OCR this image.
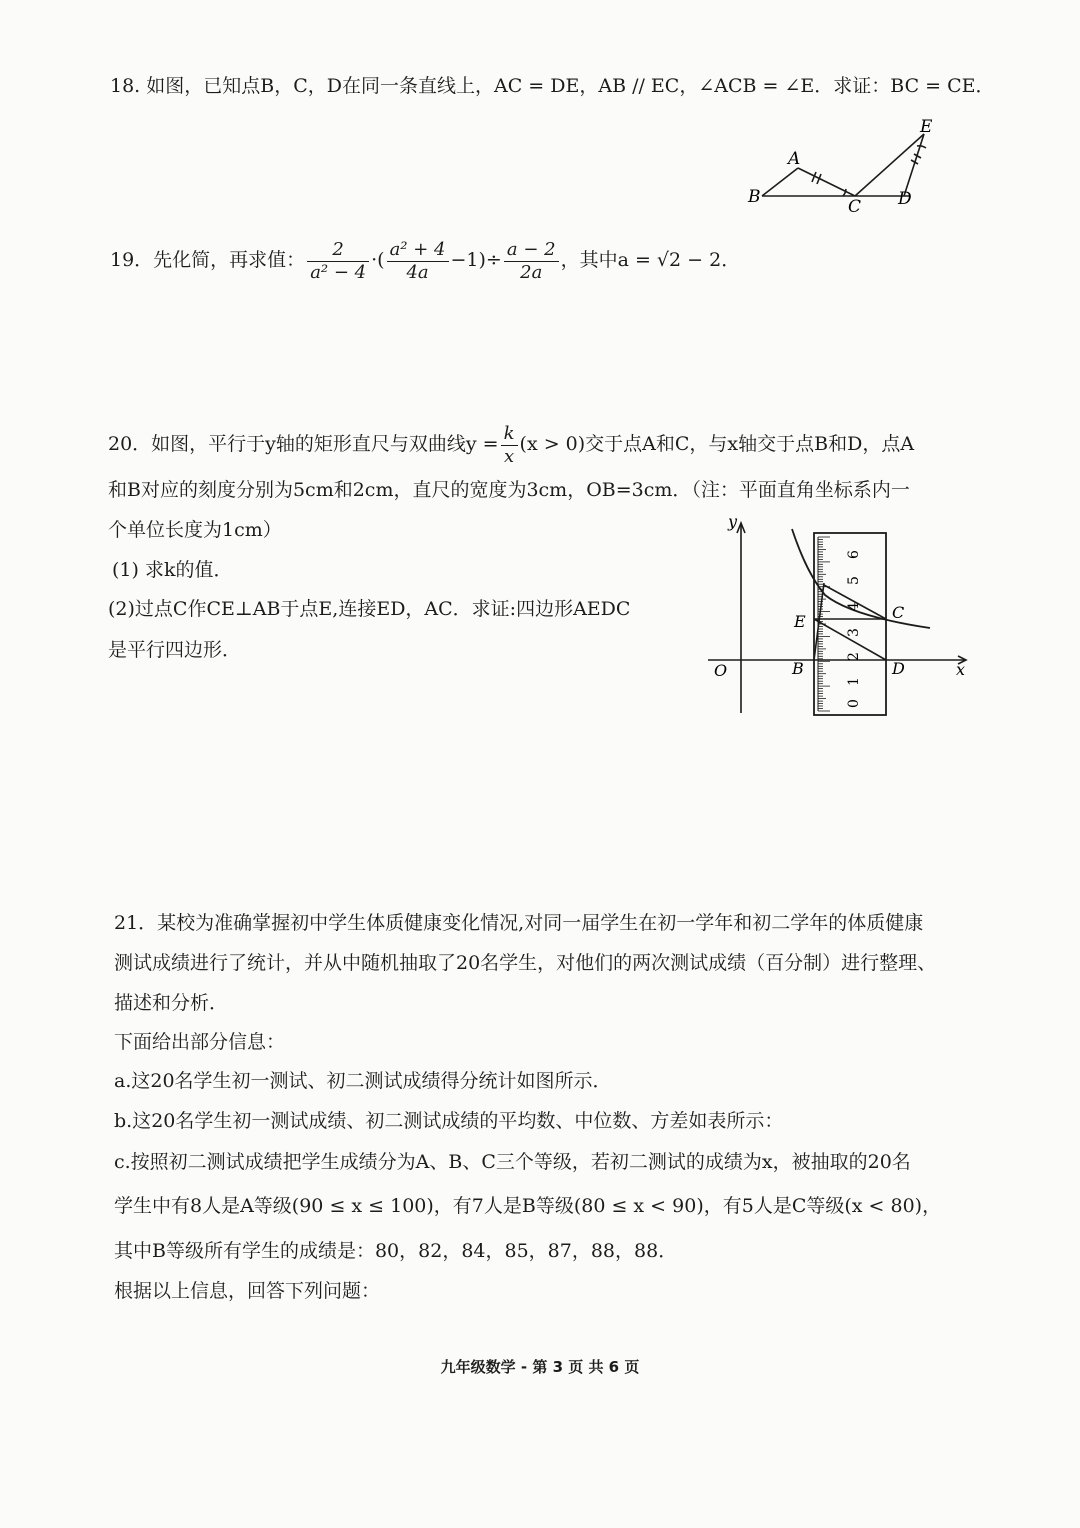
18. 如图，已知点B，C，D在同一条直线上，AC = DE，AB // EC，∠ACB = ∠E．求证：BC = CE．
E
A
B	C D
19．先化简，再求值： $\frac{2}{\text{a² − 4}}$ ·( $\frac{\text{a² + 4}}{4a} -1)\div \frac{a - 2}{2a}$ ，其中a = √2 − 2．
20．如图，平行于y轴的矩形直尺与双曲线$y = \frac{k}{x} (x > 0)$交于点A和C，与x轴交于点B和D，点A
和B对应的刻度分别为5cm和2cm，直尺的宽度为3cm，OB=3cm．（注：平面直角坐标系内一
个单位长度为1cm）
(1) 求k的值．
(2)过点C作CE⊥AB于点E,连接ED，AC．求证:四边形AEDC
是平行四边形．
y
x
O	B	D
E	C
0
1
2
3
4
5
6
21．某校为准确掌握初中学生体质健康变化情况,对同一届学生在初一学年和初二学年的体质健康
测试成绩进行了统计，并从中随机抽取了20名学生，对他们的两次测试成绩（百分制）进行整理、
描述和分析．
下面给出部分信息：
a.这20名学生初一测试、初二测试成绩得分统计如图所示．
b.这20名学生初一测试成绩、初二测试成绩的平均数、中位数、方差如表所示：
c.按照初二测试成绩把学生成绩分为A、B、C三个等级，若初二测试的成绩为x，被抽取的20名
学生中有8人是A等级(90 ≤ x ≤ 100)，有7人是B等级(80 ≤ x < 90)，有5人是C等级(x < 80)，
其中B等级所有学生的成绩是：80，82，84，85，87，88，88．
根据以上信息，回答下列问题：
九年级数学 - 第 3 页 共 6 页
